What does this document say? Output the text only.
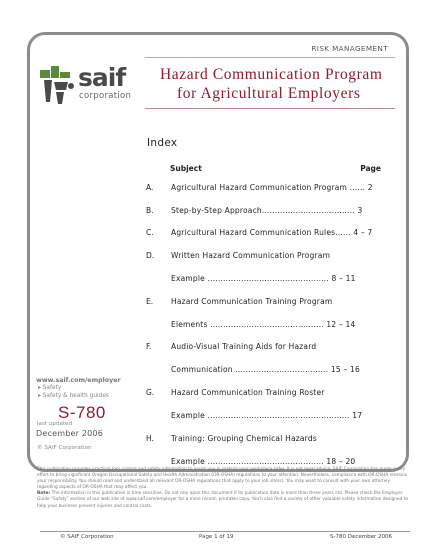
RISK MANAGEMENT
saif
corporation
Hazard Communication Program
for Agricultural Employers
Index
Subject	Page
A. Agricultural Hazard Communication Program ...... 2
B. Step-by-Step Approach.................................... 3
C. Agricultural Hazard Communication Rules...... 4 – 7
D. Written Hazard Communication Program
Example ............................................... 8 – 11
E. Hazard Communication Training Program
Elements ............................................ 12 – 14
F.	Audio-Visual Training Aids for Hazard
Communication .................................... 15 – 16
G. Hazard Communication Training Roster
Example ....................................................... 17
H. Training: Grouping Chemical Hazards
Example ............................................. 18 – 20
www.saif.com/employer
▸ Safety
▸ Safety & health guides
S-780
last updated
December 2006
© SAIF Corporation
This publication provides practical loss control and safety information to assist you in making your workplace safer. It is not legal advice. SAIF Corporation has made every effort to bring significant Oregon Occupational Safety and Health Administration (OR-OSHA) regulations to your attention. Nevertheless, compliance with OR-OSHA remains your responsibility. You should read and understand all relevant OR-OSHA regulations that apply to your job site(s). You may want to consult with your own attorney regarding aspects of OR-OSHA that may affect you.
Note: The information in this publication is time sensitive. Do not rely upon this document if its publication date is more than three years old. Please check the Employer Guide "Safety" section of our web site at www.saif.com/employer for a more recent, printable copy. You'll also find a variety of other valuable safety information designed to help your business prevent injuries and control costs.
© SAIF Corporation	Page 1 of 19	S-780 December 2006
